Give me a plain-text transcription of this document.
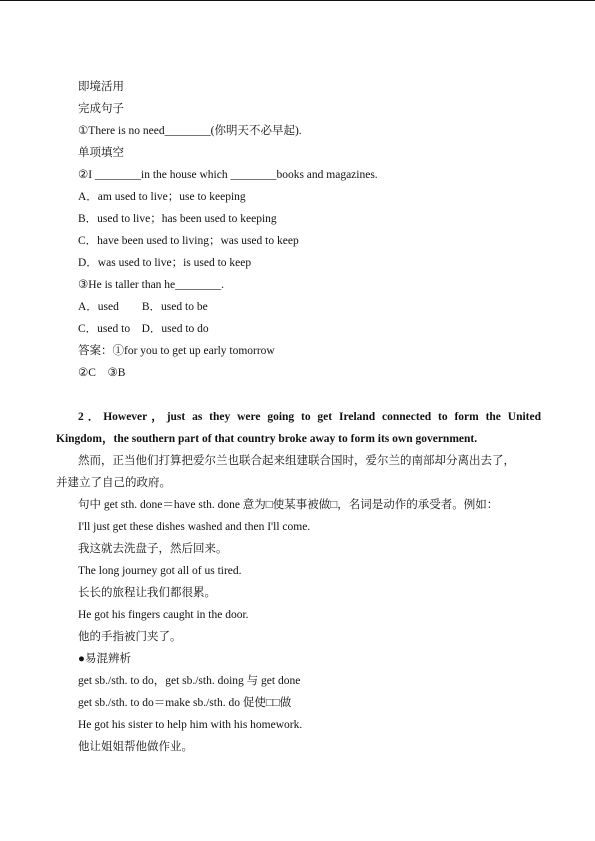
即境活用
完成句子
①There is no need________(你明天不必早起).
单项填空
②I ________in the house which ________books and magazines.
A．am used to live；use to keeping
B．used to live；has been used to keeping
C．have been used to living；was used to keep
D．was used to live；is used to keep
③He is taller than he________.
A．used        B．used to be
C．used to    D．used to do
答案：①for you to get up early tomorrow
②C    ③B
2．However，just as they were going to get Ireland connected to form the United
Kingdom，the southern part of that country broke away to form its own government.
然而，正当他们打算把爱尔兰也联合起来组建联合国时，爱尔兰的南部却分离出去了，
并建立了自己的政府。
句中 get sth. done＝have sth. done 意为□使某事被做□，名词是动作的承受者。例如：
I'll just get these dishes washed and then I'll come.
我这就去洗盘子，然后回来。
The long journey got all of us tired.
长长的旅程让我们都很累。
He got his fingers caught in the door.
他的手指被门夹了。
●易混辨析
get sb./sth. to do，get sb./sth. doing 与 get done
get sb./sth. to do＝make sb./sth. do 促使□□做
He got his sister to help him with his homework.
他让姐姐帮他做作业。
